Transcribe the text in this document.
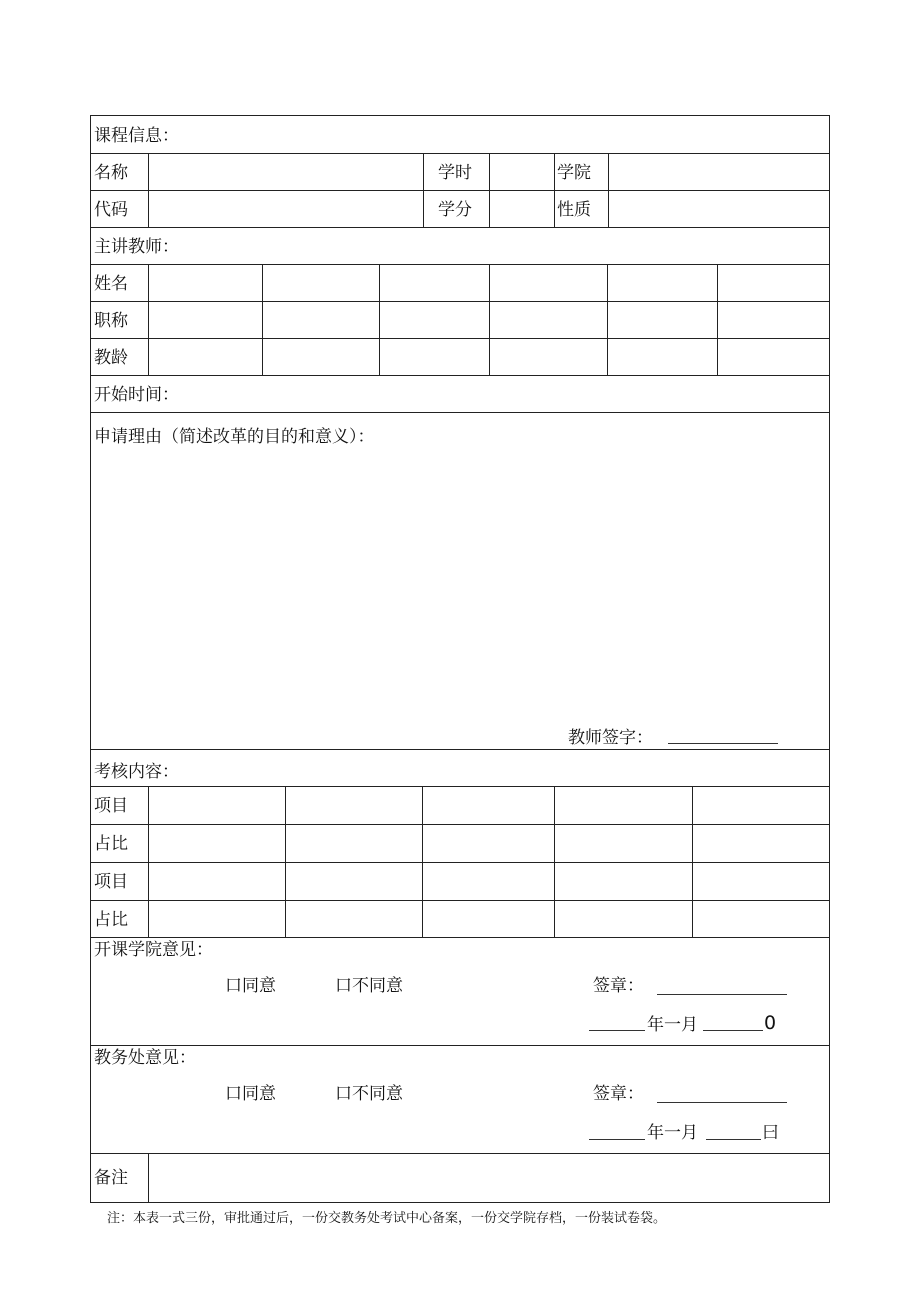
课程信息：
名称	学时	学院
代码	学分	性质
主讲教师：
姓名
职称
教龄
开始时间：
申请理由（简述改革的目的和意义）：
教师签字：
考核内容：
项目
占比
项目
占比
开课学院意见：
口同意	口不同意	签章：
年一月	0
教务处意见：
口同意	口不同意	签章：
年一月	曰
备注
注：本表一式三份，审批通过后，一份交教务处考试中心备案，一份交学院存档，一份装试卷袋。
